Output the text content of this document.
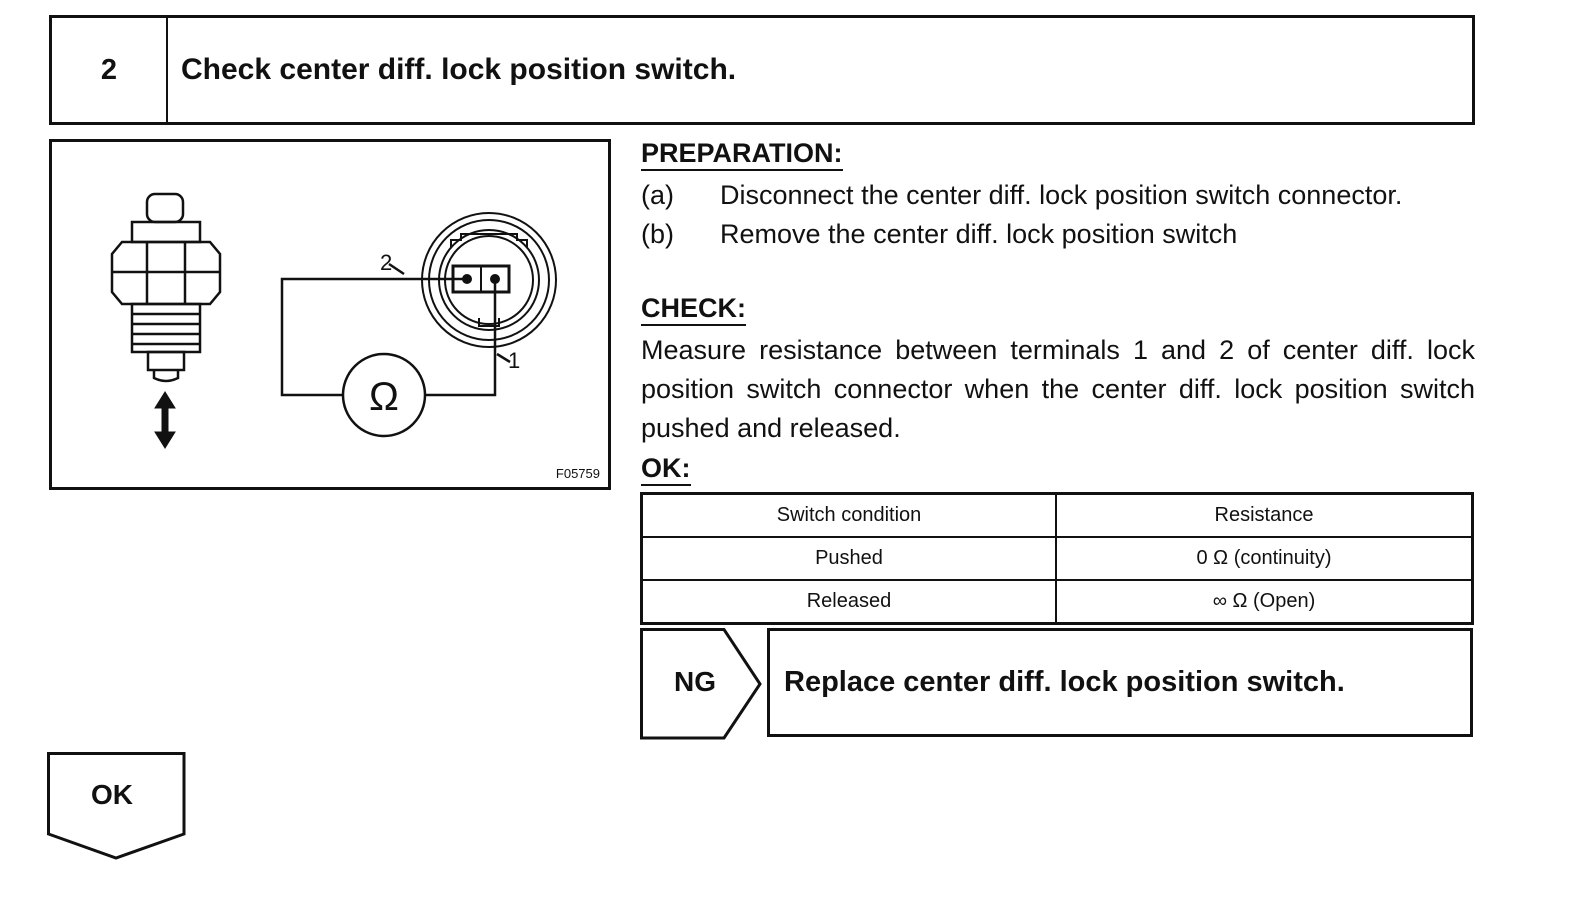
2	Check center diff. lock position switch.
Ω
2
1
F05759
PREPARATION:
(a)	Disconnect the center diff. lock position switch connector.
(b)	Remove the center diff. lock position switch
CHECK:
Measure resistance between terminals 1 and 2 of center diff. lock position switch connector when the center diff. lock position switch pushed and released.
OK:
Switch condition	Resistance
Pushed	0 Ω (continuity)
Released	∞ Ω (Open)
NG	Replace center diff. lock position switch.
OK
